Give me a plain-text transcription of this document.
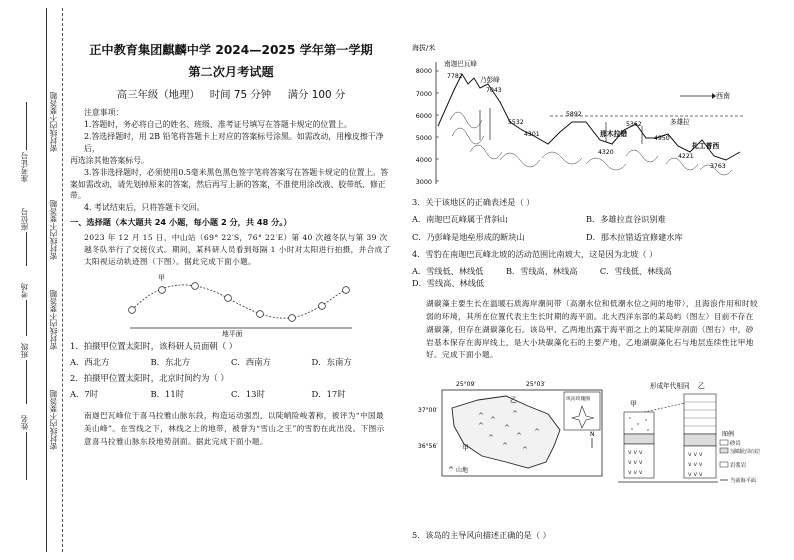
准考证号
座位号
考场
班级
姓名
密封线内不要答题
密封线内不要答题
密封线内不要答题
密封线内不要答题
正中教育集团麒麟中学 2024—2025 学年第一学期
第二次月考试题
高三年级（地理）   时间 75 分钟     满分 100 分

注意事项：

1.答题时，务必将自己的姓名、班级、准考证号填写在答题卡规定的位置上。

2.答选择题时，用 2B 铅笔将答题卡上对应的答案标号涂黑。如需改动，用橡皮擦干净后，

再选涂其他答案标号。

3.答非选择题时，必须使用0.5毫米黑色黑色签字笔将答案写在答题卡规定的位置上。答

案如需改动，请先划掉原来的答案，然后再写上新的答案，不准使用涂改液、胶带纸、修正带。

4. 考试结束后，只将答题卡交回。

一、选择题（本大题共 24 小题，每小题 2 分，共 48 分。）

2023 年 12 月 15 日，中山站（69° 22′S，76° 22′E）第 40 次越冬队与第 39 次越冬队举行了交接仪式。期间，某科研人员看到每隔 1 小时对太阳进行拍摄，并合成了太阳视运动轨迹图（下图）。据此完成下面小题。

甲
地平面

1．拍摄甲位置太阳时，该科研人员面朝（ ）

A．西北方	B．东北方	C．西南方	D．东南方

2．拍摄甲位置太阳时，北京时间约为（ ）

A．7时	B．11时	C．13时	D．17时

南迦巴瓦峰位于喜马拉雅山脉东段，构造运动强烈，以陡峭险峻著称，被评为“中国最美山峰”。在雪线之下，林线之上的地带，被誉为“雪山之王”的雪豹在此出没。下图示意喜马拉雅山脉东段地势剖面。据此完成下面小题。

海拔/米
8000
7000
6000
5000
4000
3000
南迦巴瓦峰
乃彭峰
西南
7782
7043
5532
4301
5892
4320
5362
4950
4221
3763
那木拉错
多雄拉
扎工普西

3．关于该地区的正确表述是（ ）

A．南迦巴瓦峰属于背斜山	B．多雄拉直谷识别难
C．乃彭峰是地垒形成的断块山	D．那木拉错适宜修建水库

4．雪豹在南迦巴瓦峰北坡的活动范围比南坡大，这是因为北坡（ ）

A．雪线低、林线低	B．雪线高、林线高	C．雪线低、林线高
D．雪线高、林线低

湖碳藻主要生长在温暖石质海岸潮间带（高潮水位和低潮水位之间的地带），且海浪作用和时较弱的环境，其所在位置代表主生长时期的海平面。北大西洋东部的某岛屿（图左）目前不存在湖碳藻，但存在湖碳藻化石。该岛甲、乙两地出露于海平面之上的某陡岸剖面（图右）中，砂岩基本保存在海岸线上，是大小块碳藻化石的主要产地，乙地湖碳藻化石与地层连续性比甲地好。完成下面小题。

25°09′	25°03′
37°00′
36°56′
^
^
^
^
^
^ ^
^
^	^
甲
乙	风向玫瑰图
N
^ 山地
形成年代相同
甲
乙
v v v
v v v
v v v
v v v
v v v
v v v
图例
砂岩
含湖碳藻化石的石灰岩
岩浆岩
当前海平面
5．该岛的主导风向描述正确的是（ ）
